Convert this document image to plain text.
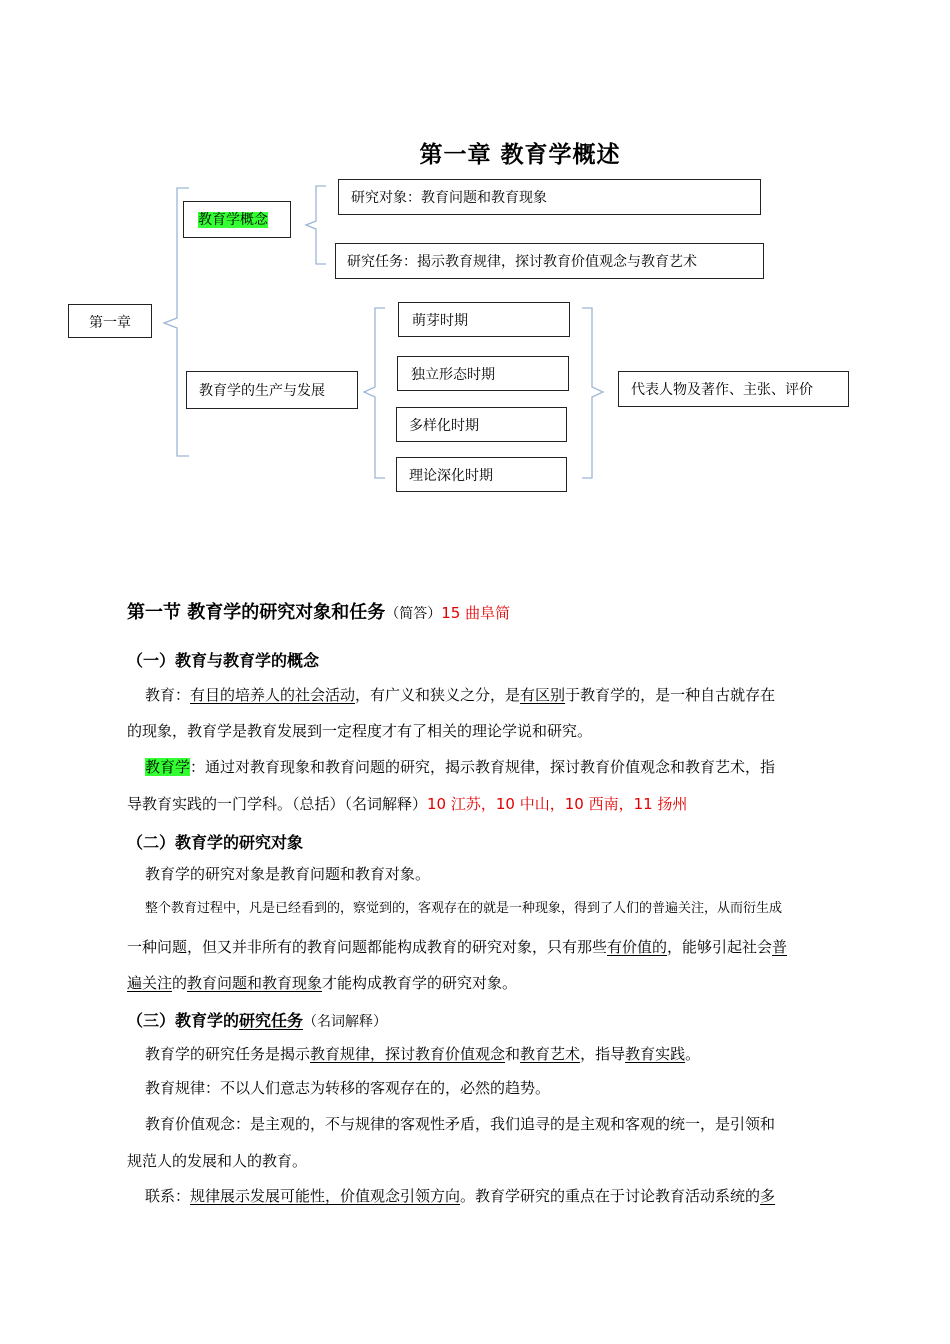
第一章 教育学概述
第一章
教育学概念
研究对象：教育问题和教育现象
研究任务：揭示教育规律，探讨教育价值观念与教育艺术
教育学的生产与发展
萌芽时期
独立形态时期
多样化时期
理论深化时期
代表人物及著作、主张、评价
第一节 教育学的研究对象和任务（简答）15 曲阜简
（一）教育与教育学的概念
教育：有目的培养人的社会活动，有广义和狭义之分，是有区别于教育学的，是一种自古就存在
的现象，教育学是教育发展到一定程度才有了相关的理论学说和研究。
教育学：通过对教育现象和教育问题的研究，揭示教育规律，探讨教育价值观念和教育艺术，指
导教育实践的一门学科。（总括）（名词解释）10 江苏，10 中山，10 西南，11 扬州
（二）教育学的研究对象
教育学的研究对象是教育问题和教育对象。
整个教育过程中，凡是已经看到的，察觉到的，客观存在的就是一种现象，得到了人们的普遍关注，从而衍生成
一种问题，但又并非所有的教育问题都能构成教育的研究对象，只有那些有价值的，能够引起社会普
遍关注的教育问题和教育现象才能构成教育学的研究对象。
（三）教育学的研究任务（名词解释）
教育学的研究任务是揭示教育规律，探讨教育价值观念和教育艺术，指导教育实践。
教育规律：不以人们意志为转移的客观存在的，必然的趋势。
教育价值观念：是主观的，不与规律的客观性矛盾，我们追寻的是主观和客观的统一，是引领和
规范人的发展和人的教育。
联系：规律展示发展可能性，价值观念引领方向。教育学研究的重点在于讨论教育活动系统的多
